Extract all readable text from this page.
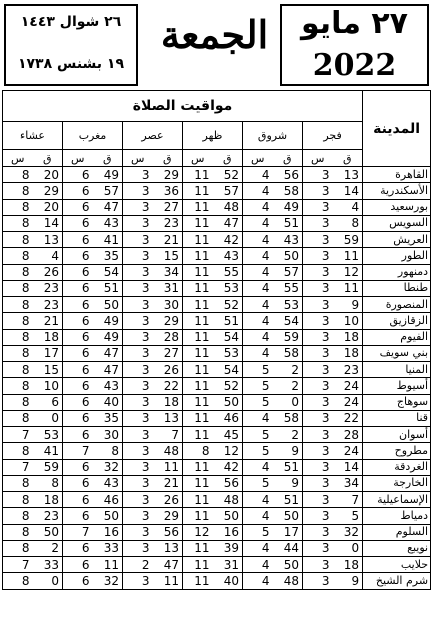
٢٦ شوال ١٤٤٣
١٩ بشنس ١٧٣٨
الجمعة	٢٧ مايو
2022
مواقيت الصلاة												المدينة
عشاء		مغرب		عصر		ظهر		شروق		فجر		
س	ق	س	ق	س	ق	س	ق	س	ق	س	ق	
8	20	6	49	3	29	11	52	4	56	3	13	القاهرة
8	29	6	57	3	36	11	57	4	58	3	14	الأسكندرية
8	20	6	47	3	27	11	48	4	49	3	4	بورسعيد
8	14	6	43	3	23	11	47	4	51	3	8	السويس
8	13	6	41	3	21	11	42	4	43	3	59	العريش
8	4	6	35	3	15	11	43	4	50	3	11	الطور
8	26	6	54	3	34	11	55	4	57	3	12	دمنهور
8	23	6	51	3	31	11	53	4	55	3	11	طنطا
8	23	6	50	3	30	11	52	4	53	3	9	المنصورة
8	21	6	49	3	29	11	51	4	54	3	10	الزقازيق
8	18	6	49	3	28	11	54	4	59	3	18	الفيوم
8	17	6	47	3	27	11	53	4	58	3	18	بني سويف
8	15	6	47	3	26	11	54	5	2	3	23	المنيا
8	10	6	43	3	22	11	52	5	2	3	24	أسيوط
8	6	6	40	3	18	11	50	5	0	3	24	سوهاج
8	0	6	35	3	13	11	46	4	58	3	22	قنا
7	53	6	30	3	7	11	45	5	2	3	28	أسوان
8	41	7	8	3	48	8	12	5	9	3	24	مطروح
7	59	6	32	3	11	11	42	4	51	3	14	الغردقة
8	8	6	43	3	21	11	56	5	9	3	34	الخارجة
8	18	6	46	3	26	11	48	4	51	3	7	الإسماعيلية
8	23	6	50	3	29	11	50	4	50	3	5	دمياط
8	50	7	16	3	56	12	16	5	17	3	32	السلوم
8	2	6	33	3	13	11	39	4	44	3	0	نويبع
7	33	6	11	2	47	11	31	4	50	3	18	حلايب
8	0	6	32	3	11	11	40	4	48	3	9	شرم الشيخ
